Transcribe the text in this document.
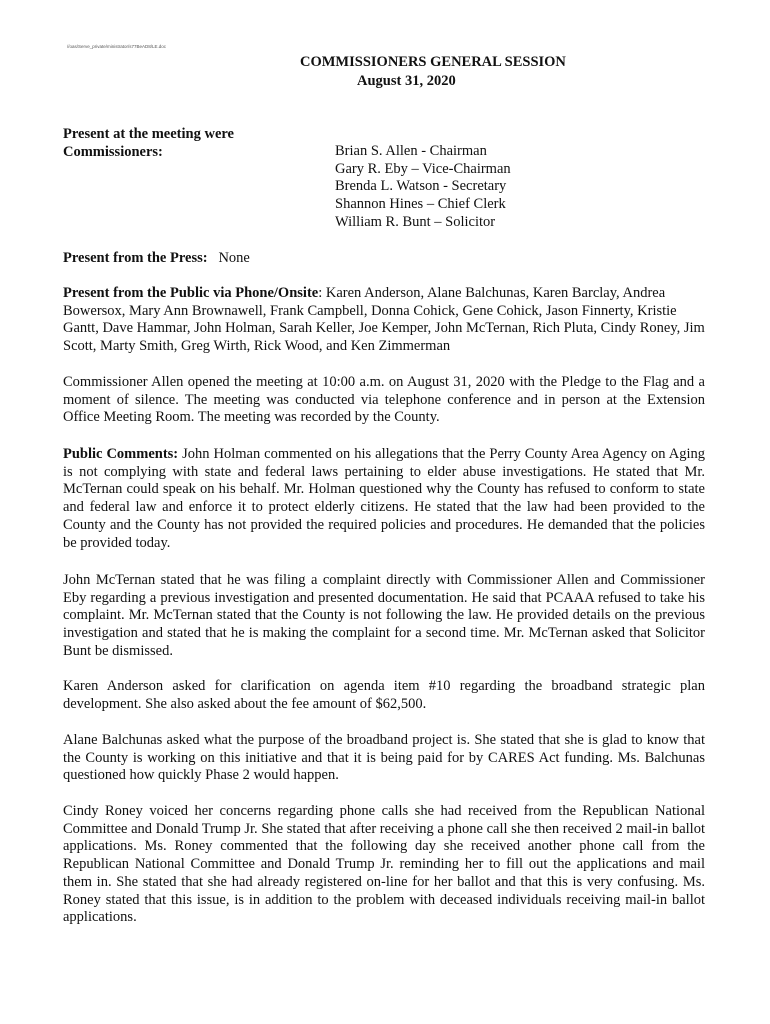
//oas/Serve_private/ministrator/s77BeAD8/LE.doc
COMMISSIONERS GENERAL SESSION
August 31, 2020
Present at the meeting were
Commissioners:	Brian S. Allen - Chairman
Gary R. Eby – Vice-Chairman
Brenda L. Watson - Secretary
Shannon Hines – Chief Clerk
William R. Bunt – Solicitor

Present from the Press: None

Present from the Public via Phone/Onsite: Karen Anderson, Alane Balchunas, Karen Barclay, Andrea Bowersox, Mary Ann Brownawell, Frank Campbell, Donna Cohick, Gene Cohick, Jason Finnerty, Kristie Gantt, Dave Hammar, John Holman, Sarah Keller, Joe Kemper, John McTernan, Rich Pluta, Cindy Roney, Jim Scott, Marty Smith, Greg Wirth, Rick Wood, and Ken Zimmerman

Commissioner Allen opened the meeting at 10:00 a.m. on August 31, 2020 with the Pledge to the Flag and a moment of silence. The meeting was conducted via telephone conference and in person at the Extension Office Meeting Room. The meeting was recorded by the County.

Public Comments: John Holman commented on his allegations that the Perry County Area Agency on Aging is not complying with state and federal laws pertaining to elder abuse investigations. He stated that Mr. McTernan could speak on his behalf. Mr. Holman questioned why the County has refused to conform to state and federal law and enforce it to protect elderly citizens. He stated that the law had been provided to the County and the County has not provided the required policies and procedures. He demanded that the policies be provided today.

John McTernan stated that he was filing a complaint directly with Commissioner Allen and Commissioner Eby regarding a previous investigation and presented documentation. He said that PCAAA refused to take his complaint. Mr. McTernan stated that the County is not following the law. He provided details on the previous investigation and stated that he is making the complaint for a second time. Mr. McTernan asked that Solicitor Bunt be dismissed.

Karen Anderson asked for clarification on agenda item #10 regarding the broadband strategic plan development. She also asked about the fee amount of $62,500.

Alane Balchunas asked what the purpose of the broadband project is. She stated that she is glad to know that the County is working on this initiative and that it is being paid for by CARES Act funding. Ms. Balchunas questioned how quickly Phase 2 would happen.

Cindy Roney voiced her concerns regarding phone calls she had received from the Republican National Committee and Donald Trump Jr. She stated that after receiving a phone call she then received 2 mail-in ballot applications. Ms. Roney commented that the following day she received another phone call from the Republican National Committee and Donald Trump Jr. reminding her to fill out the applications and mail them in. She stated that she had already registered on-line for her ballot and that this is very confusing. Ms. Roney stated that this issue, is in addition to the problem with deceased individuals receiving mail-in ballot applications.
